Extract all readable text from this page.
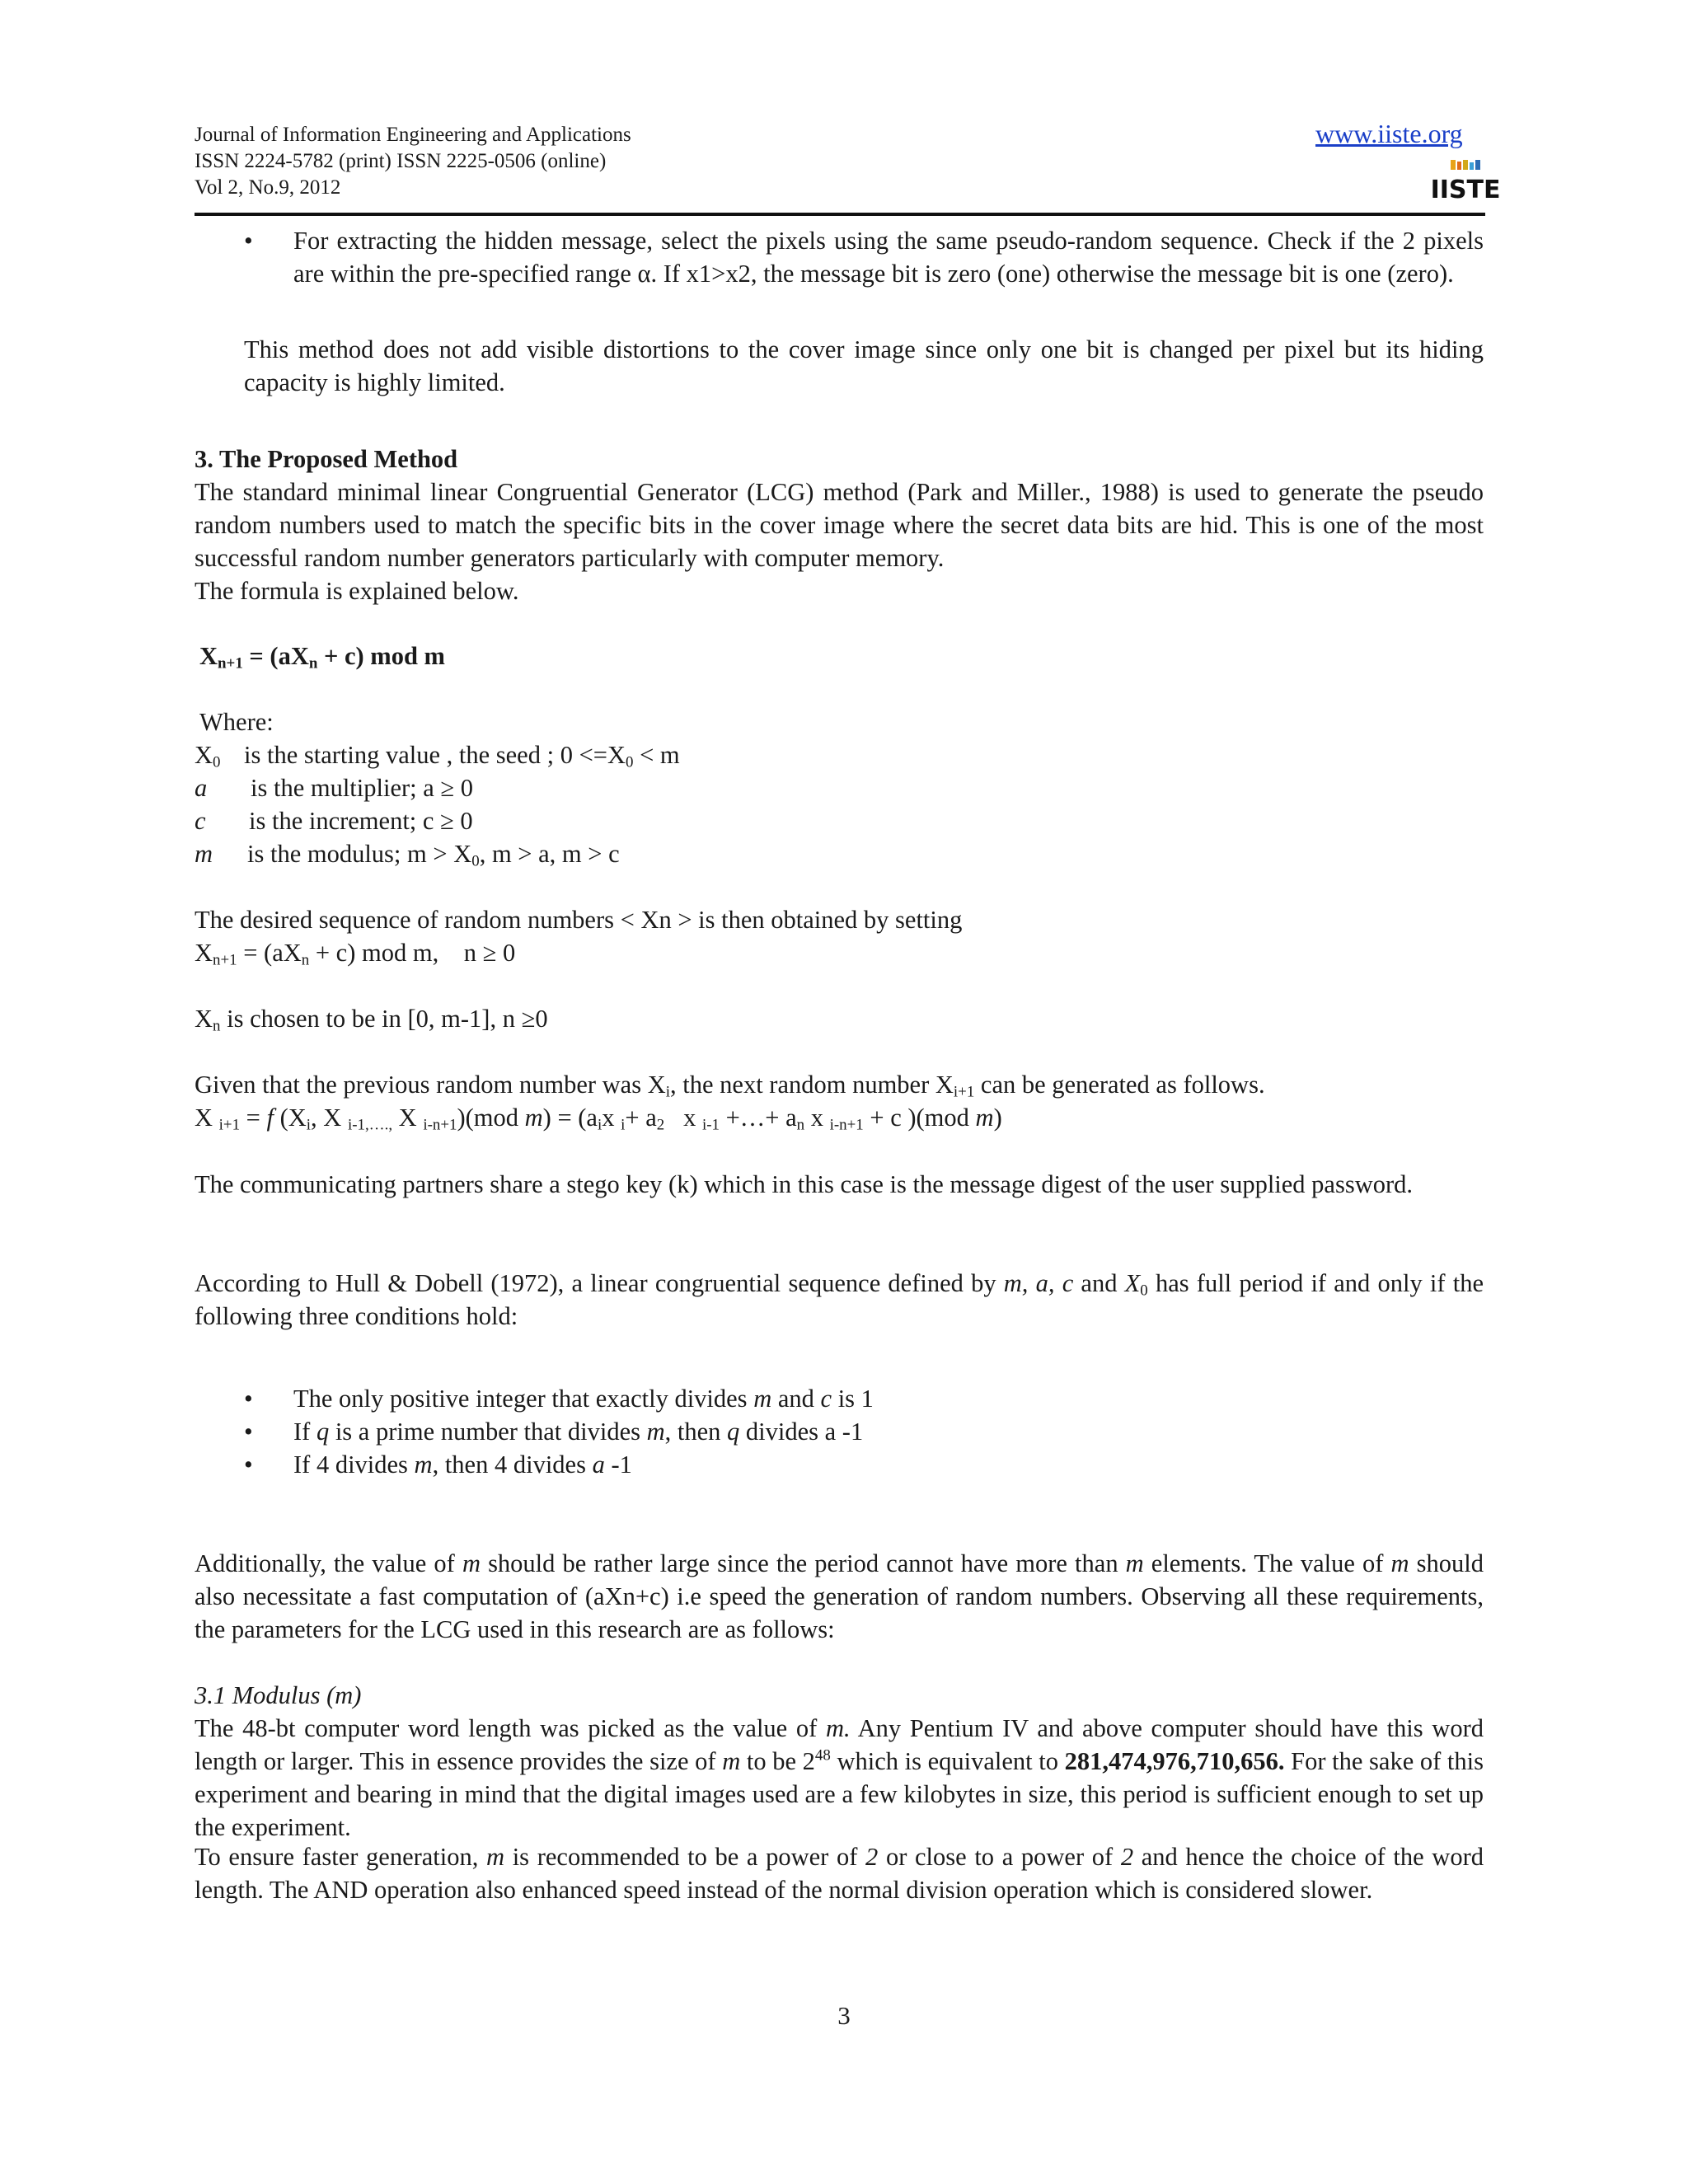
Journal of Information Engineering and Applications
ISSN 2224-5782 (print) ISSN 2225-0506 (online)
Vol 2, No.9, 2012
www.iiste.org
IISTE
• For extracting the hidden message, select the pixels using the same pseudo-random sequence. Check if the 2 pixels are within the pre-specified range α. If x1>x2, the message bit is zero (one) otherwise the message bit is one (zero).
This method does not add visible distortions to the cover image since only one bit is changed per pixel but its hiding capacity is highly limited.
3. The Proposed Method
The standard minimal linear Congruential Generator (LCG) method (Park and Miller., 1988) is used to generate the pseudo random numbers used to match the specific bits in the cover image where the secret data bits are hid. This is one of the most successful random number generators particularly with computer memory.
The formula is explained below.
$X_{n+1} = (aX_n + c)$ mod m
Where:
$X_0$ is the starting value , the seed ; $0 <=X_0 < m$
a is the multiplier; a ≥ 0
c is the increment; c ≥ 0
m is the modulus; $m > X_0$, m > a, m > c
The desired sequence of random numbers < Xn > is then obtained by setting
$X_{n+1} = (aX_n + c)$ mod m,    n ≥ 0
$X_n$ is chosen to be in [0, m-1], n ≥0
Given that the previous random number was $X_i$, the next random number $X_{i+1}$ can be generated as follows.
X $_{i+1}$ = f ($X_i$, X $_{i-1,\dots.,}$ X $_{i-n+1}$)(mod $m) = (a_ix$ $_i+ a_2$   x $_{i-1}$ +…+ $a_n$ x $_{i-n+1}$ + c )(mod m)
The communicating partners share a stego key (k) which in this case is the message digest of the user supplied password.
According to Hull & Dobell (1972), a linear congruential sequence defined by m, a, c and $X_0$ has full period if and only if the following three conditions hold:
• The only positive integer that exactly divides m and c is 1
• If q is a prime number that divides m, then q divides a -1
• If 4 divides m, then 4 divides a -1
Additionally, the value of m should be rather large since the period cannot have more than m elements. The value of m should also necessitate a fast computation of (aXn+c) i.e speed the generation of random numbers. Observing all these requirements, the parameters for the LCG used in this research are as follows:
3.1 Modulus (m)
The 48-bt computer word length was picked as the value of m. Any Pentium IV and above computer should have this word length or larger. This in essence provides the size of m to be $2^{48}$ which is equivalent to 281,474,976,710,656. For the sake of this experiment and bearing in mind that the digital images used are a few kilobytes in size, this period is sufficient enough to set up the experiment.
To ensure faster generation, m is recommended to be a power of 2 or close to a power of 2 and hence the choice of the word length. The AND operation also enhanced speed instead of the normal division operation which is considered slower.
3
